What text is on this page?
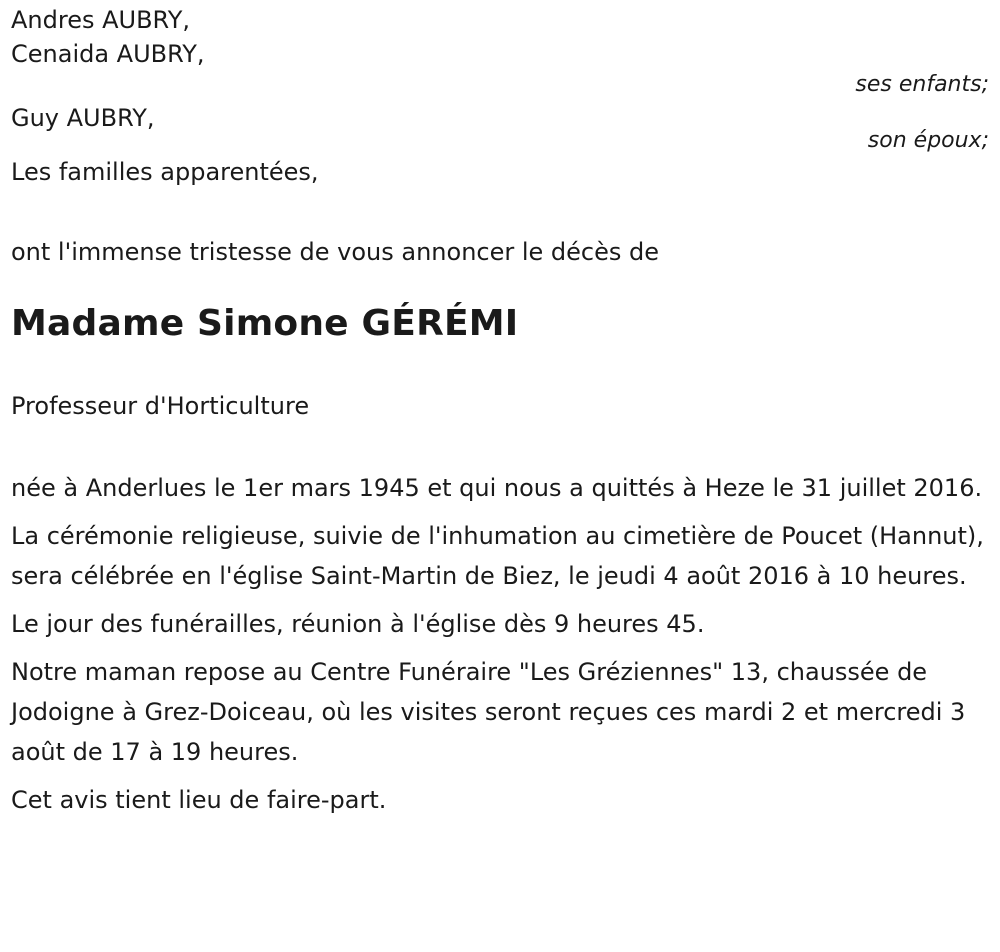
Andres AUBRY,
Cenaida AUBRY,
ses enfants;
Guy AUBRY,
son époux;
Les familles apparentées,
ont l'immense tristesse de vous annoncer le décès de
Madame Simone GÉRÉMI
Professeur d'Horticulture

née à Anderlues le 1er mars 1945 et qui nous a quittés à Heze le 31 juillet 2016.

La cérémonie religieuse, suivie de l'inhumation au cimetière de Poucet (Hannut), sera célébrée en l'église Saint-Martin de Biez, le jeudi 4 août 2016 à 10 heures.

Le jour des funérailles, réunion à l'église dès 9 heures 45.

Notre maman repose au Centre Funéraire "Les Gréziennes" 13, chaussée de Jodoigne à Grez-Doiceau, où les visites seront reçues ces mardi 2 et mercredi 3 août de 17 à 19 heures.

Cet avis tient lieu de faire-part.
